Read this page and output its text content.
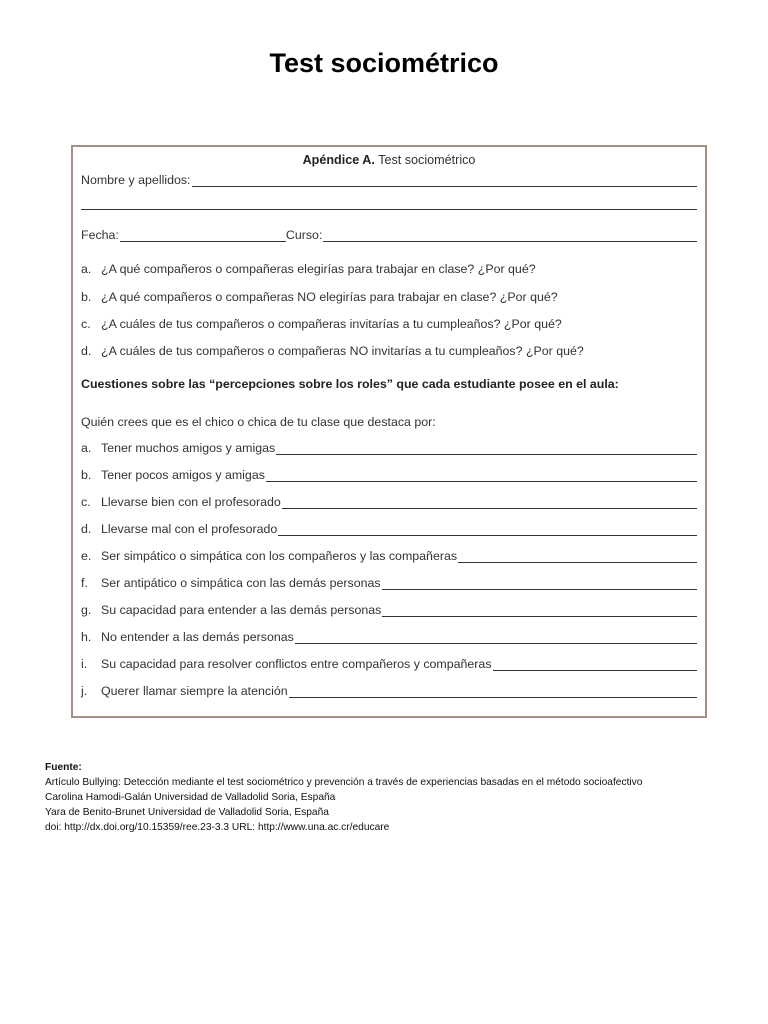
Test sociométrico
Apéndice A. Test sociométrico
Nombre y apellidos:
Fecha:	Curso:
a. ¿A qué compañeros o compañeras elegirías para trabajar en clase? ¿Por qué?
b. ¿A qué compañeros o compañeras NO elegirías para trabajar en clase? ¿Por qué?
c. ¿A cuáles de tus compañeros o compañeras invitarías a tu cumpleaños? ¿Por qué?
d. ¿A cuáles de tus compañeros o compañeras NO invitarías a tu cumpleaños? ¿Por qué?
Cuestiones sobre las “percepciones sobre los roles” que cada estudiante posee en el aula:
Quién crees que es el chico o chica de tu clase que destaca por:
a. Tener muchos amigos y amigas
b. Tener pocos amigos y amigas
c. Llevarse bien con el profesorado
d. Llevarse mal con el profesorado
e. Ser simpático o simpática con los compañeros y las compañeras
f.	Ser antipático o simpática con las demás personas
g. Su capacidad para entender a las demás personas
h. No entender a las demás personas
i.	Su capacidad para resolver conflictos entre compañeros y compañeras
j.	Querer llamar siempre la atención
Fuente:
Artículo Bullying: Detección mediante el test sociométrico y prevención a través de experiencias basadas en el método socioafectivo
Carolina Hamodi-Galán Universidad de Valladolid Soria, España
Yara de Benito-Brunet Universidad de Valladolid Soria, España
doi: http://dx.doi.org/10.15359/ree.23-3.3 URL: http://www.una.ac.cr/educare
